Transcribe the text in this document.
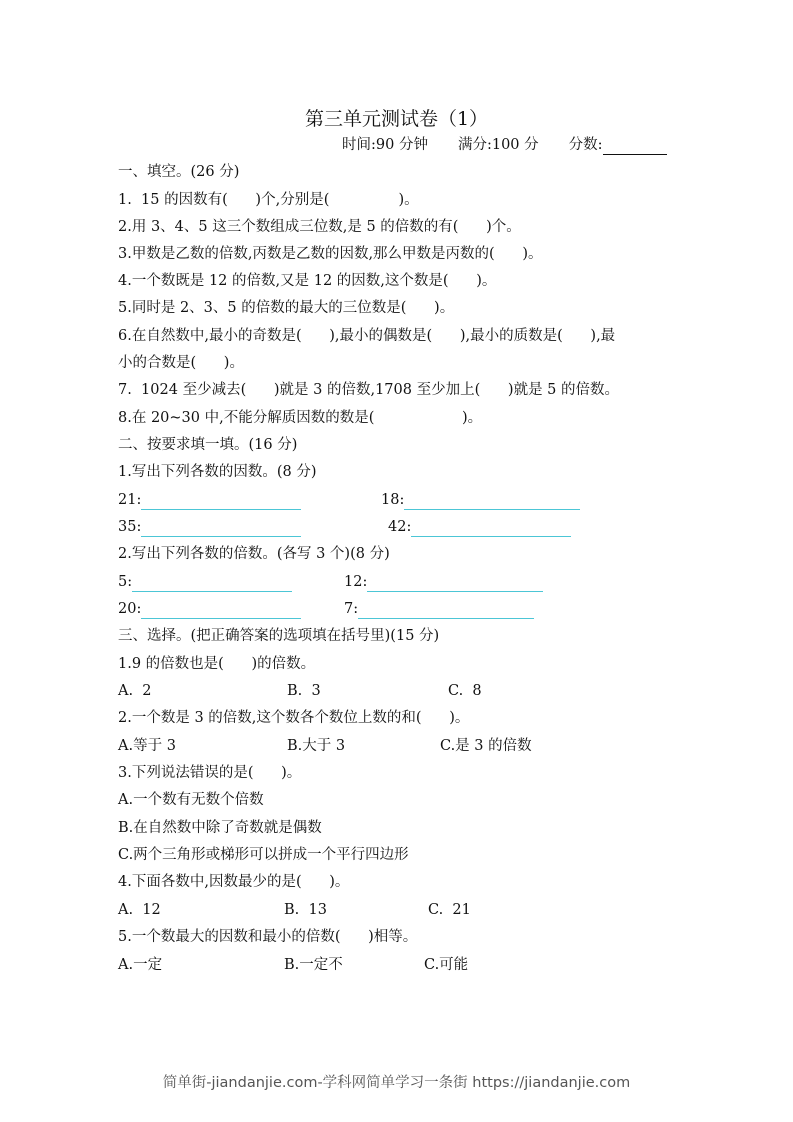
第三单元测试卷（1）
时间:90 分钟 满分:100 分 分数:
一、填空。(26 分)
1.  15 的因数有(      )个,分别是(               )。
2.用 3、4、5 这三个数组成三位数,是 5 的倍数的有(      )个。
3.甲数是乙数的倍数,丙数是乙数的因数,那么甲数是丙数的(      )。
4.一个数既是 12 的倍数,又是 12 的因数,这个数是(      )。
5.同时是 2、3、5 的倍数的最大的三位数是(      )。
6.在自然数中,最小的奇数是(      ),最小的偶数是(      ),最小的质数是(      ),最
小的合数是(      )。
7.  1024 至少减去(      )就是 3 的倍数,1708 至少加上(      )就是 5 的倍数。
8.在 20~30 中,不能分解质因数的数是(                   )。
二、按要求填一填。(16 分)
1.写出下列各数的因数。(8 分)
21:	18:
35:	42:
2.写出下列各数的倍数。(各写 3 个)(8 分)
5:	12:
20:	7:
三、选择。(把正确答案的选项填在括号里)(15 分)
1.9 的倍数也是(      )的倍数。
A.  2	B.  3	C.  8
2.一个数是 3 的倍数,这个数各个数位上数的和(      )。
A.等于 3	B.大于 3	C.是 3 的倍数
3.下列说法错误的是(      )。
A.一个数有无数个倍数
B.在自然数中除了奇数就是偶数
C.两个三角形或梯形可以拼成一个平行四边形
4.下面各数中,因数最少的是(      )。
A.  12	B.  13	C.  21
5.一个数最大的因数和最小的倍数(      )相等。
A.一定	B.一定不	C.可能
简单街-jiandanjie.com-学科网简单学习一条街 https://jiandanjie.com
